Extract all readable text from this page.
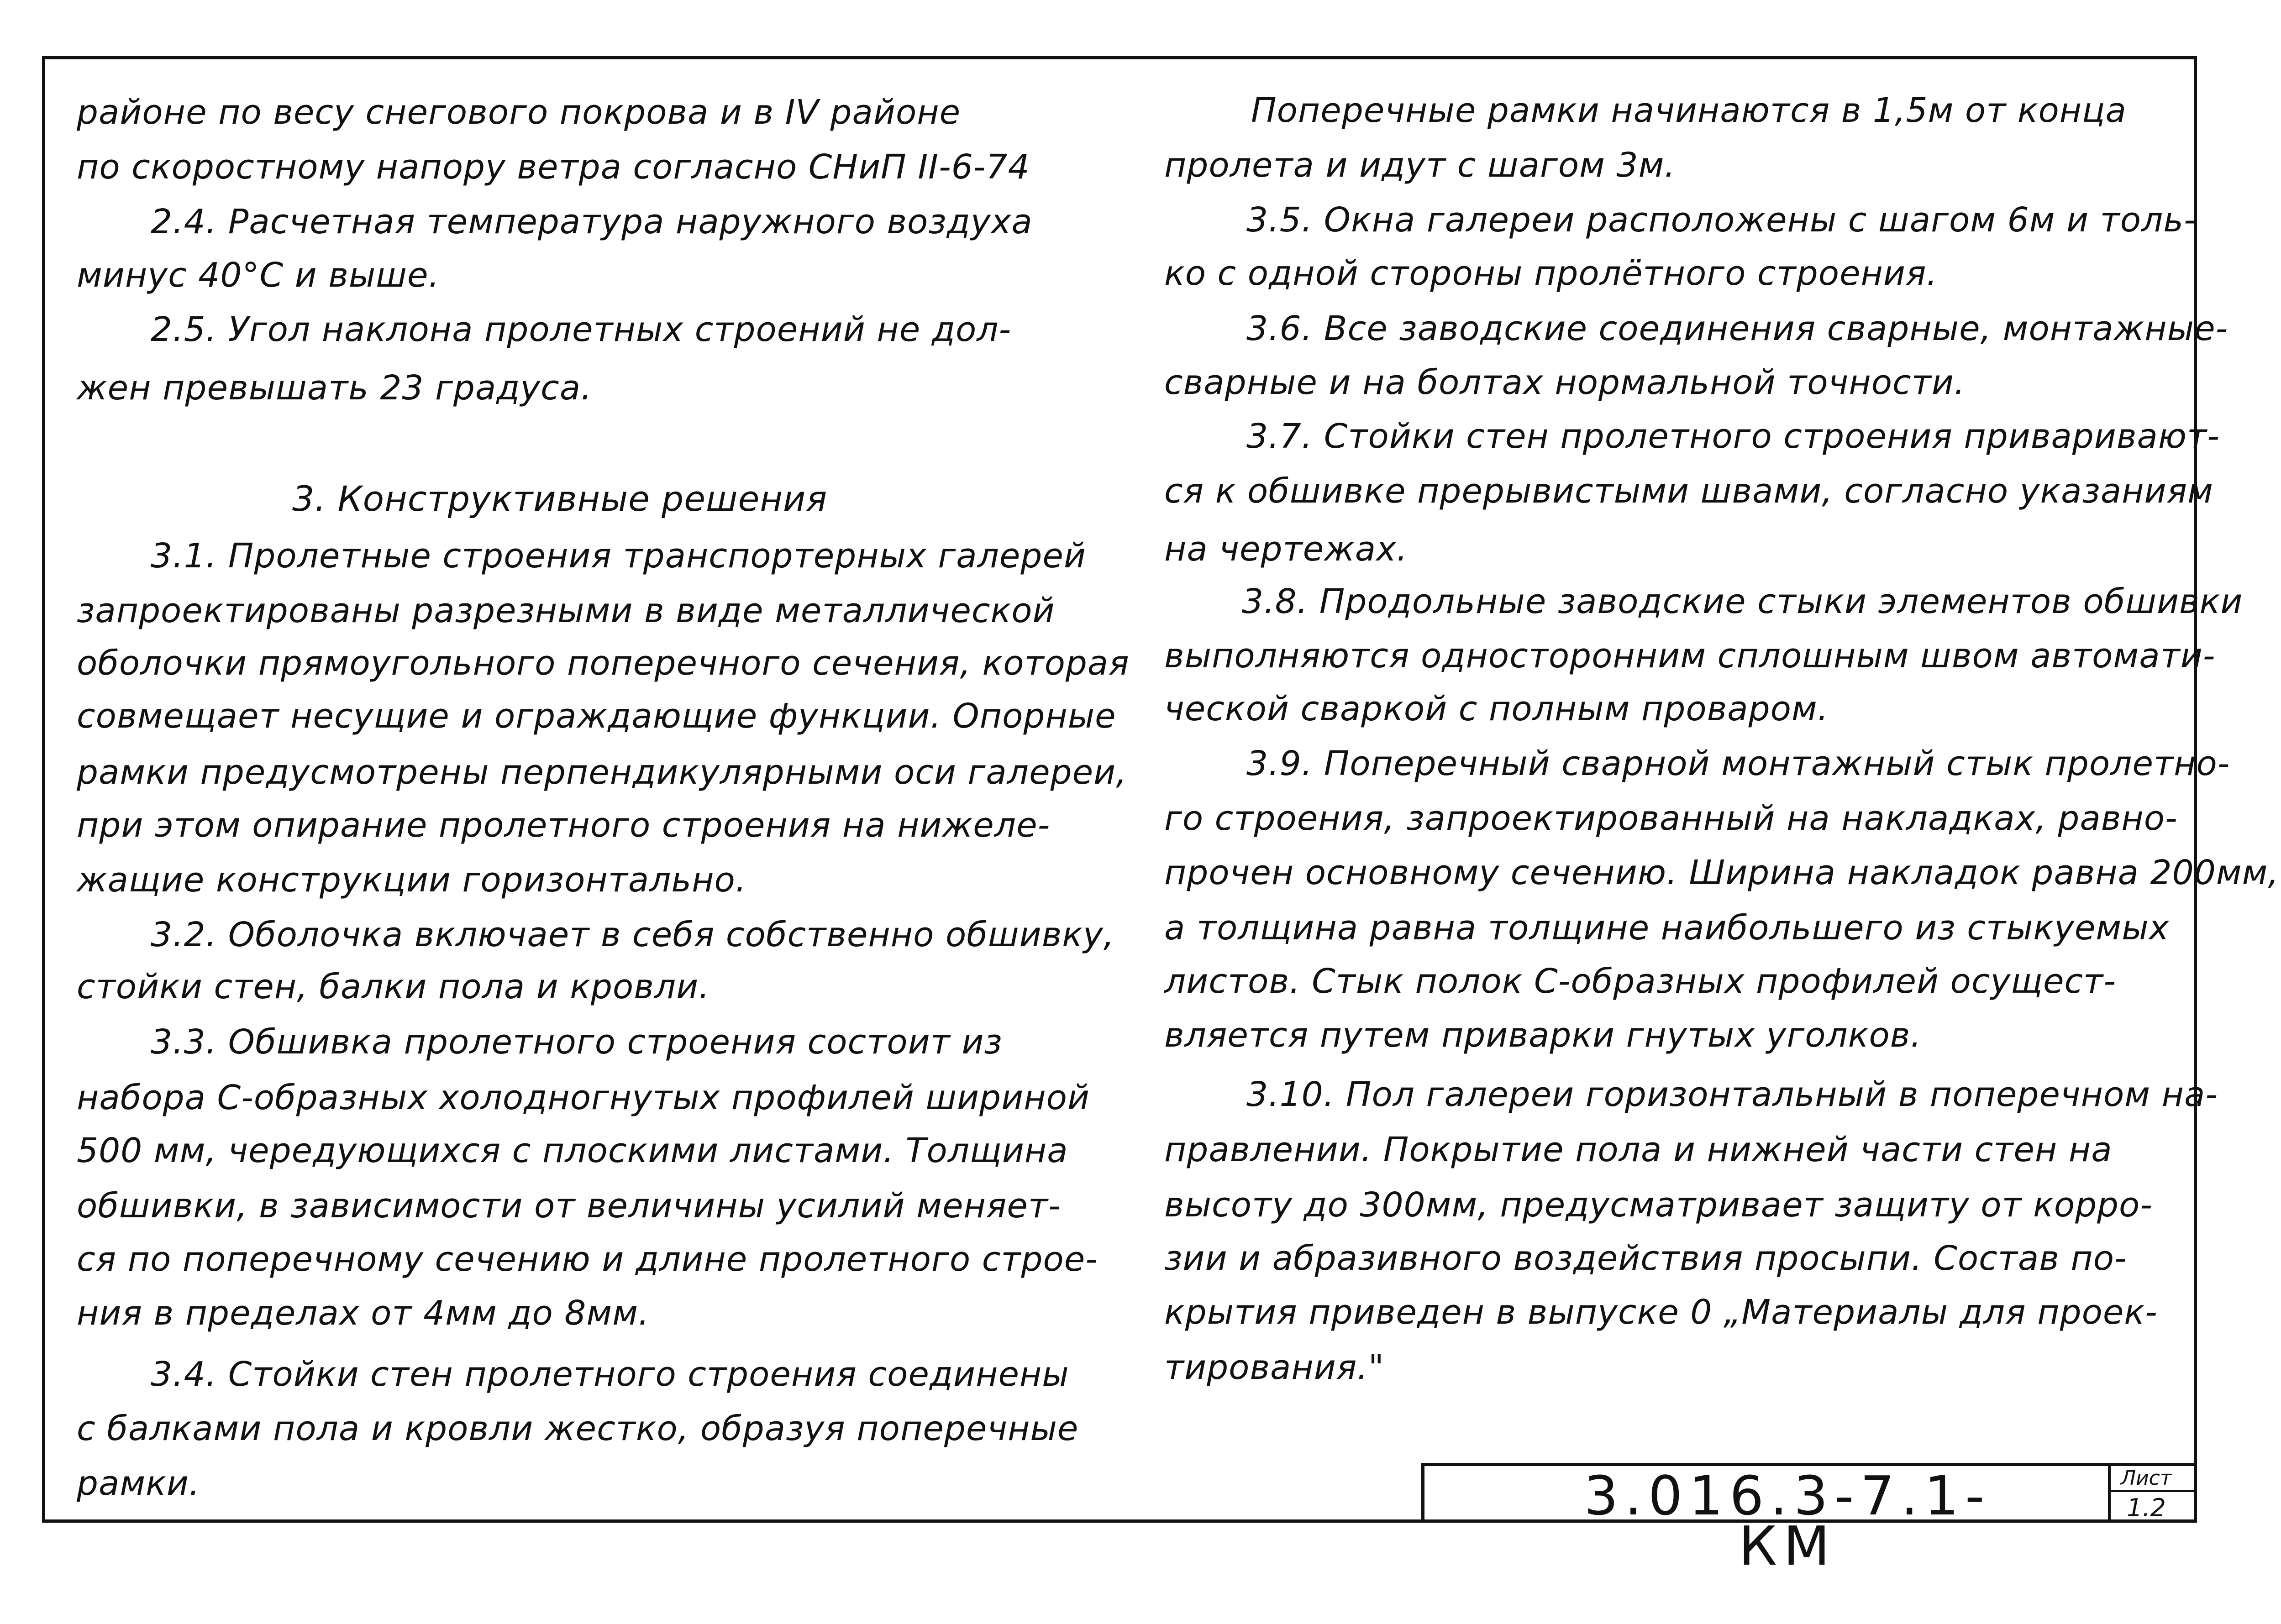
районе по весу снегового покрова и в IV районе
по скоростному напору ветра согласно СНиП II-6-74
2.4. Расчетная температура наружного воздуха
минус 40°С и выше.
2.5. Угол наклона пролетных строений не дол-
жен превышать 23 градуса.
3. Конструктивные решения
3.1. Пролетные строения транспортерных галерей
запроектированы разрезными в виде металлической
оболочки прямоугольного поперечного сечения, которая
совмещает несущие и ограждающие функции. Опорные
рамки предусмотрены перпендикулярными оси галереи,
при этом опирание пролетного строения на нижеле-
жащие конструкции горизонтально.
3.2. Оболочка включает в себя собственно обшивку,
стойки стен, балки пола и кровли.
3.3. Обшивка пролетного строения состоит из
набора С-образных холодногнутых профилей шириной
500 мм, чередующихся с плоскими листами. Толщина
обшивки, в зависимости от величины усилий меняет-
ся по поперечному сечению и длине пролетного строе-
ния в пределах от 4мм до 8мм.
3.4. Стойки стен пролетного строения соединены
с балками пола и кровли жестко, образуя поперечные
рамки.
Поперечные рамки начинаются в 1,5м от конца
пролета и идут с шагом 3м.
3.5. Окна галереи расположены с шагом 6м и толь-
ко с одной стороны пролётного строения.
3.6. Все заводские соединения сварные, монтажные-
сварные и на болтах нормальной точности.
3.7. Стойки стен пролетного строения приваривают-
ся к обшивке прерывистыми швами, согласно указаниям
на чертежах.
3.8. Продольные заводские стыки элементов обшивки
выполняются односторонним сплошным швом автомати-
ческой сваркой с полным проваром.
3.9. Поперечный сварной монтажный стык пролетно-
го строения, запроектированный на накладках, равно-
прочен основному сечению. Ширина накладок равна 200мм,
а толщина равна толщине наибольшего из стыкуемых
листов. Стык полок С-образных профилей осущест-
вляется путем приварки гнутых уголков.
3.10. Пол галереи горизонтальный в поперечном на-
правлении. Покрытие пола и нижней части стен на
высоту до 300мм, предусматривает защиту от корро-
зии и абразивного воздействия просыпи. Состав по-
крытия приведен в выпуске 0 „Материалы для проек-
тирования."
3.016.3-7.1-КМ
Лист
1.2
